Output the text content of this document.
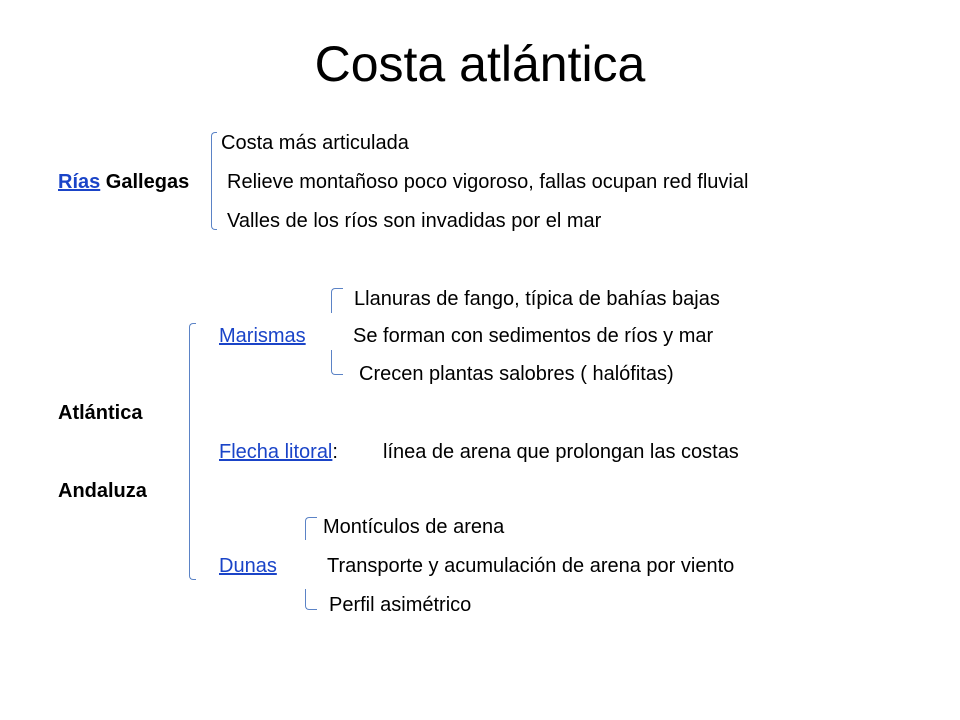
Costa atlántica
Costa más articulada
Rías Gallegas Relieve montañoso poco vigoroso, fallas ocupan red fluvial
Valles de los ríos son invadidas por el mar
Atlántica
Andaluza
Llanuras de fango, típica de bahías bajas
Marismas Se forman con sedimentos de ríos y mar
Crecen plantas salobres ( halófitas)
Flecha litoral: línea de arena que prolongan las costas
Montículos de arena
Dunas	Transporte y acumulación de arena por viento
Perfil asimétrico
